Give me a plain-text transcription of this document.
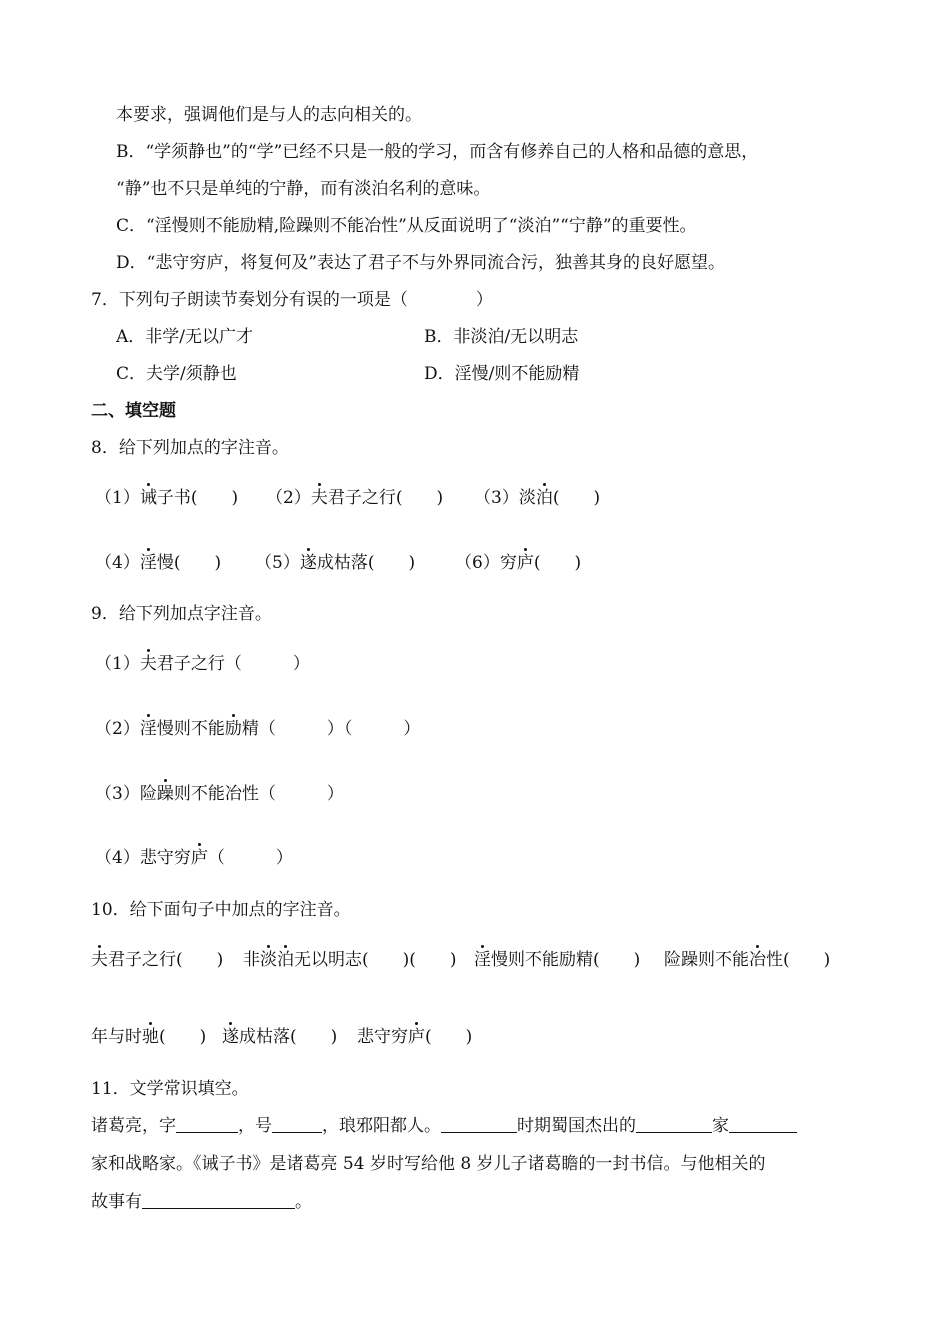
本要求，强调他们是与人的志向相关的。
B．“学须静也”的“学”已经不只是一般的学习，而含有修养自己的人格和品德的意思，
“静”也不只是单纯的宁静，而有淡泊名利的意味。
C．“淫慢则不能励精,险躁则不能冶性”从反面说明了“淡泊”“宁静”的重要性。
D．“悲守穷庐，将复何及”表达了君子不与外界同流合污，独善其身的良好愿望。
7．下列句子朗读节奏划分有误的一项是（　　　　）
A．非学/无以广才	B．非淡泊/无以明志
C．夫学/须静也	D．淫慢/则不能励精
二、填空题
8．给下列加点的字注音。
（1）诫子书(　　) （2）夫君子之行(　　) （3）淡泊(　　)
（4）淫慢(　　) （5）遂成枯落(　　) （6）穷庐(　　)
9．给下列加点字注音。
（1）夫君子之行（　　　）
（2）淫慢则不能励精（　　　）（　　　）
（3）险躁则不能冶性（　　　）
（4）悲守穷庐（　　　）
10．给下面句子中加点的字注音。
夫君子之行(　　) 非淡泊无以明志(　　)(　　) 淫慢则不能励精(　　) 险躁则不能冶性(　　)
年与时驰(　　) 遂成枯落(　　) 悲守穷庐(　　)
11．文学常识填空。
诸葛亮，字	，号	，琅邪阳都人。	时期蜀国杰出的	家
家和战略家。《诫子书》是诸葛亮 54 岁时写给他 8 岁儿子诸葛瞻的一封书信。与他相关的
故事有	。
